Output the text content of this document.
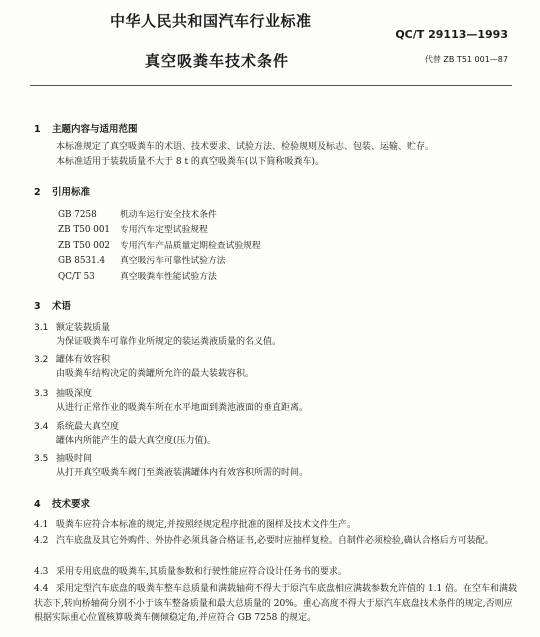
中华人民共和国汽车行业标准
QC/T 29113—1993
真空吸粪车技术条件	代替 ZB T51 001—87
1 主题内容与适用范围
本标准规定了真空吸粪车的术语、技术要求、试验方法、检验规则及标志、包装、运输、贮存。
本标准适用于装载质量不大于 8 t 的真空吸粪车(以下简称吸粪车)。
2 引用标准
GB 7258	机动车运行安全技术条件
ZB T50 001 专用汽车定型试验规程
ZB T50 002 专用汽车产品质量定期检查试验规程
GB 8531.4 真空吸污车可靠性试验方法
QC/T 53	真空吸粪车性能试验方法
3 术语
3.1 额定装载质量
为保证吸粪车可靠作业所规定的装运粪液质量的名义值。
3.2 罐体有效容积
由吸粪车结构决定的粪罐所允许的最大装载容积。
3.3 抽吸深度
从进行正常作业的吸粪车所在水平地面到粪池液面的垂直距离。
3.4 系统最大真空度
罐体内所能产生的最大真空度(压力值)。
3.5 抽吸时间
从打开真空吸粪车阀门至粪液装满罐体内有效容积所需的时间。
4 技术要求
4.1 吸粪车应符合本标准的规定,并按照经规定程序批准的图样及技术文件生产。
4.2 汽车底盘及其它外购件、外协件必须具备合格证书,必要时应抽样复检。自制件必须检验,确认合格后方可装配。
4.3 采用专用底盘的吸粪车,其质量参数和行驶性能应符合设计任务书的要求。
4.4 采用定型汽车底盘的吸粪车整车总质量和满载轴荷不得大于原汽车底盘相应满载参数允许值的 1.1 倍。在空车和满载状态下,转向桥轴荷分别不小于该车整备质量和最大总质量的 20%。重心高度不得大于原汽车底盘技术条件的规定,否则应根据实际重心位置核算吸粪车侧倾稳定角,并应符合 GB 7258 的规定。
